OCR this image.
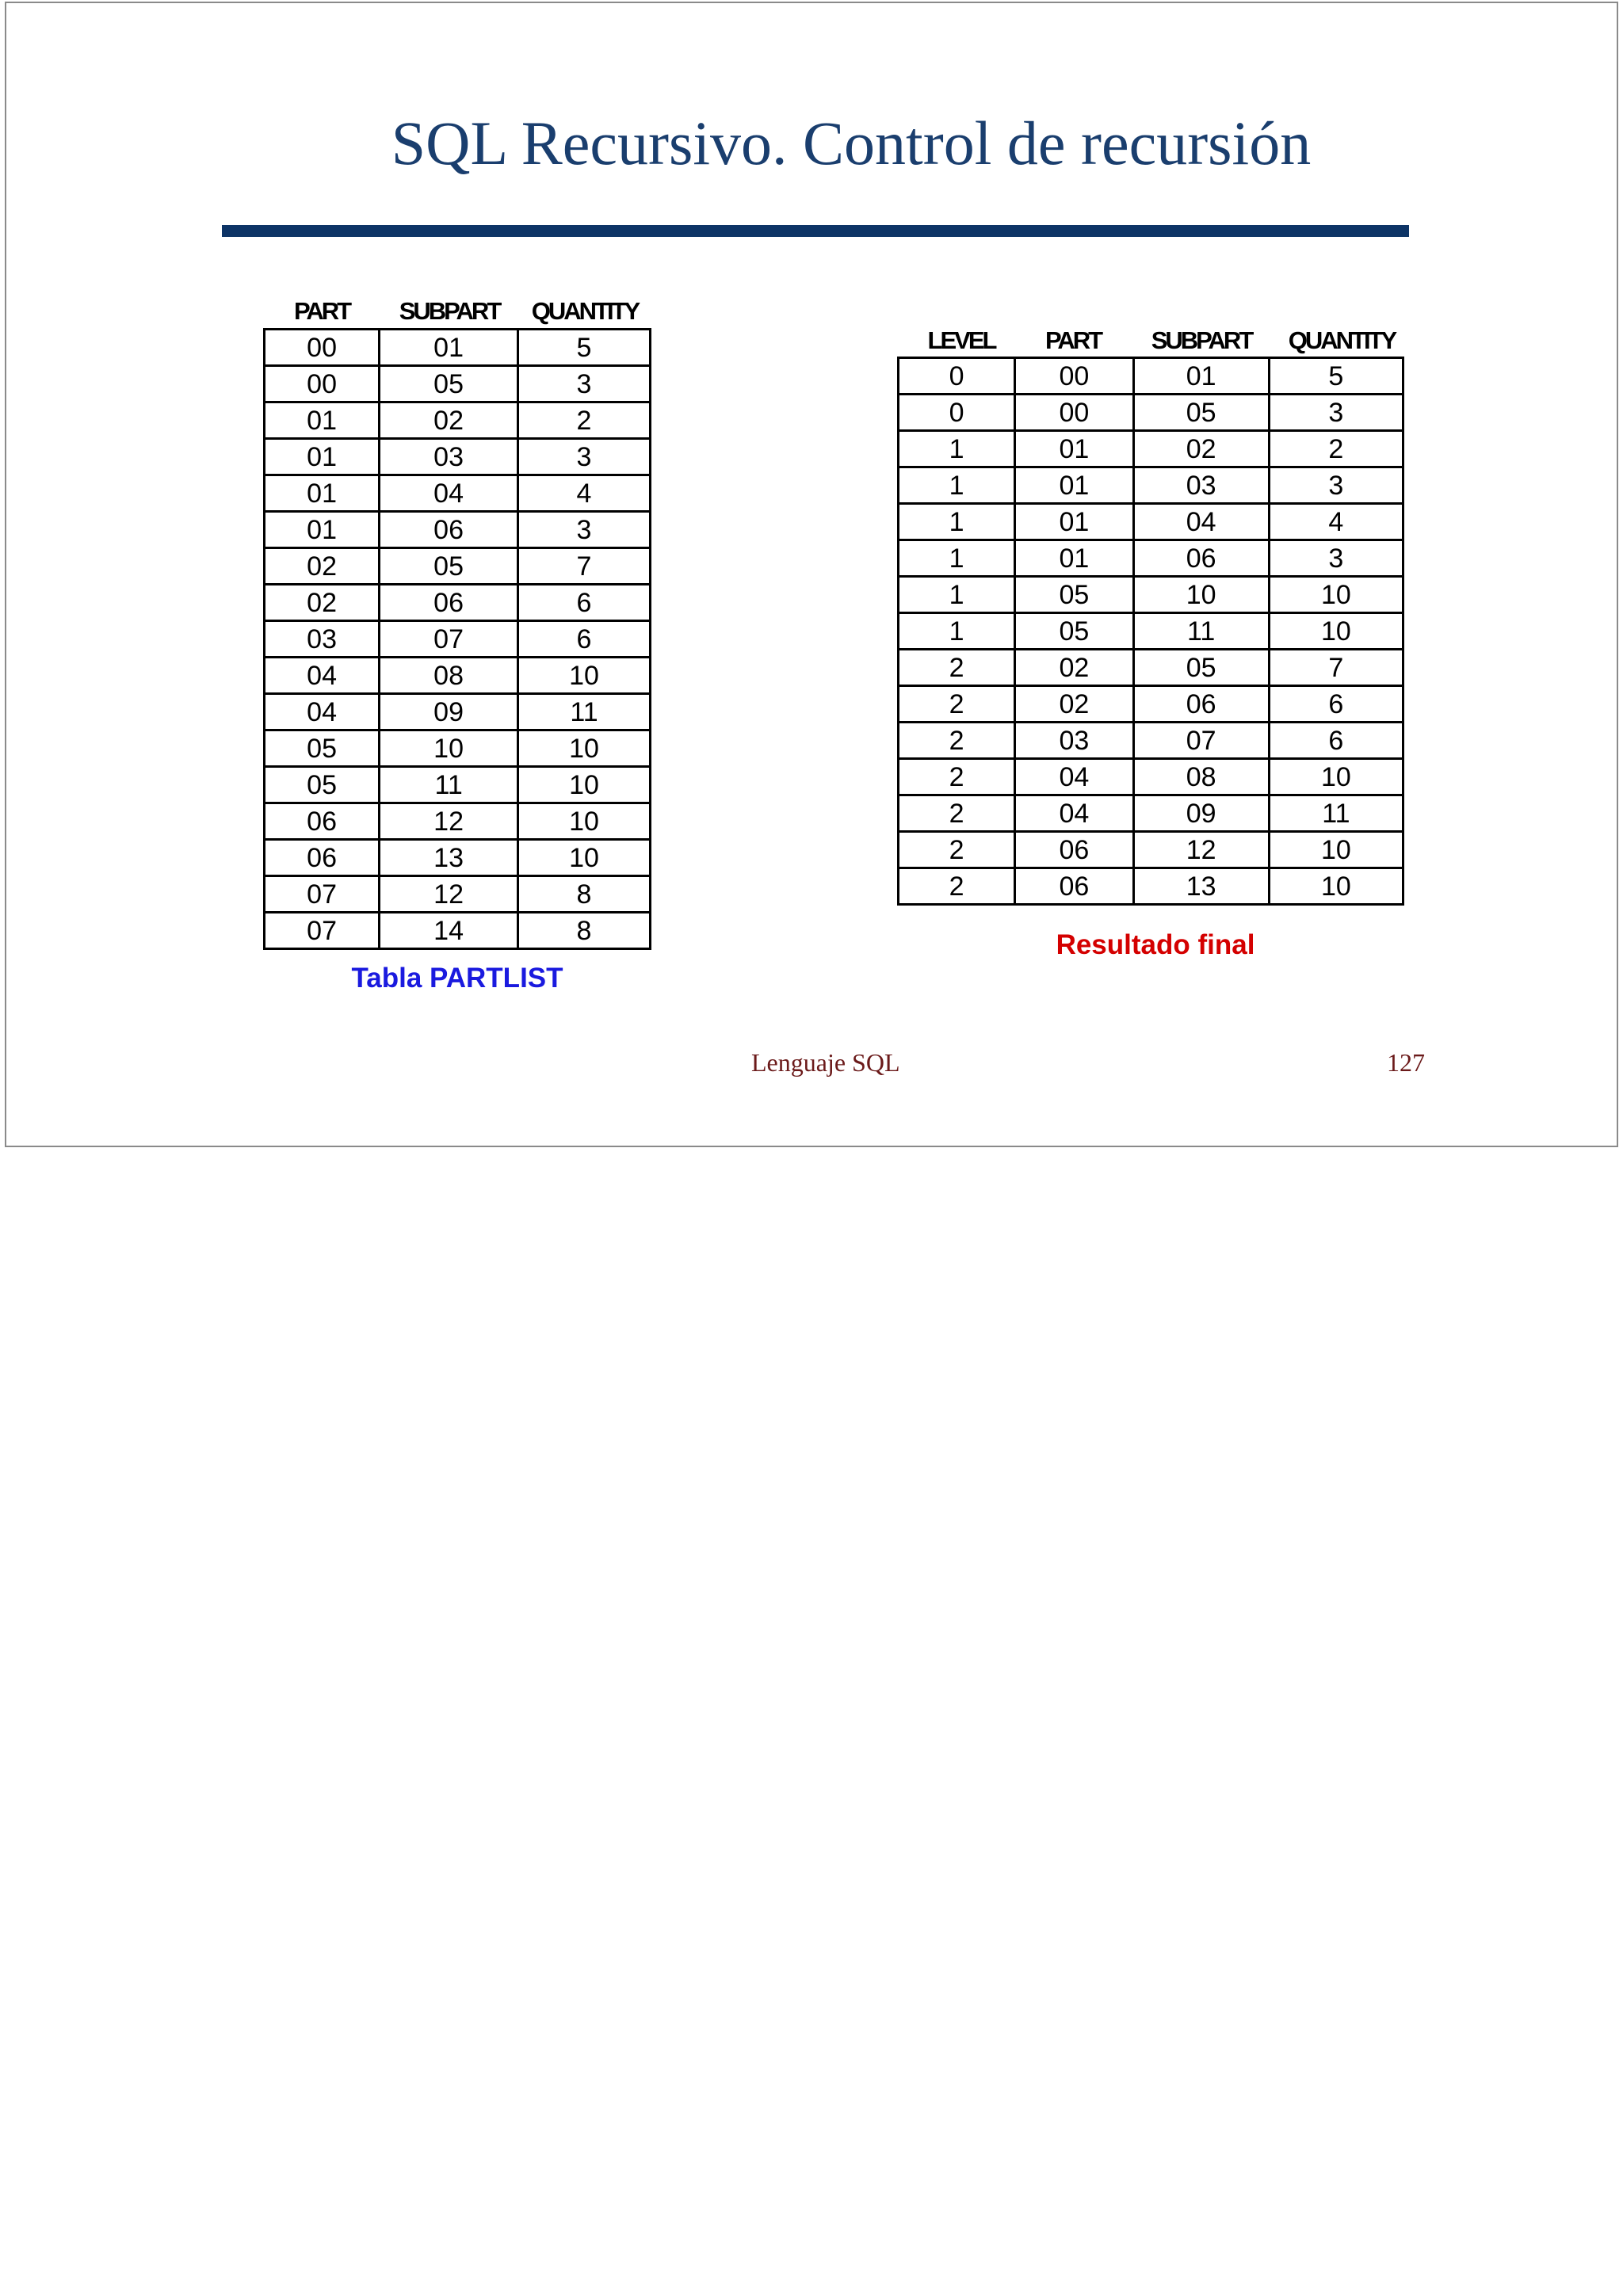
SQL Recursivo. Control de recursión
PART SUBPART QUANTITY
00	01	5
00	05	3
01	02	2
01	03	3
01	04	4
01	06	3
02	05	7
02	06	6
03	07	6
04	08	10
04	09	11
05	10	10
05	11	10
06	12	10
06	13	10
07	12	8
07	14	8
Tabla PARTLIST
LEVEL	PART	SUBPART	QUANTITY
0	00	01	5
0	00	05	3
1	01	02	2
1	01	03	3
1	01	04	4
1	01	06	3
1	05	10	10
1	05	11	10
2	02	05	7
2	02	06	6
2	03	07	6
2	04	08	10
2	04	09	11
2	06	12	10
2	06	13	10
Resultado final
Lenguaje SQL	127
